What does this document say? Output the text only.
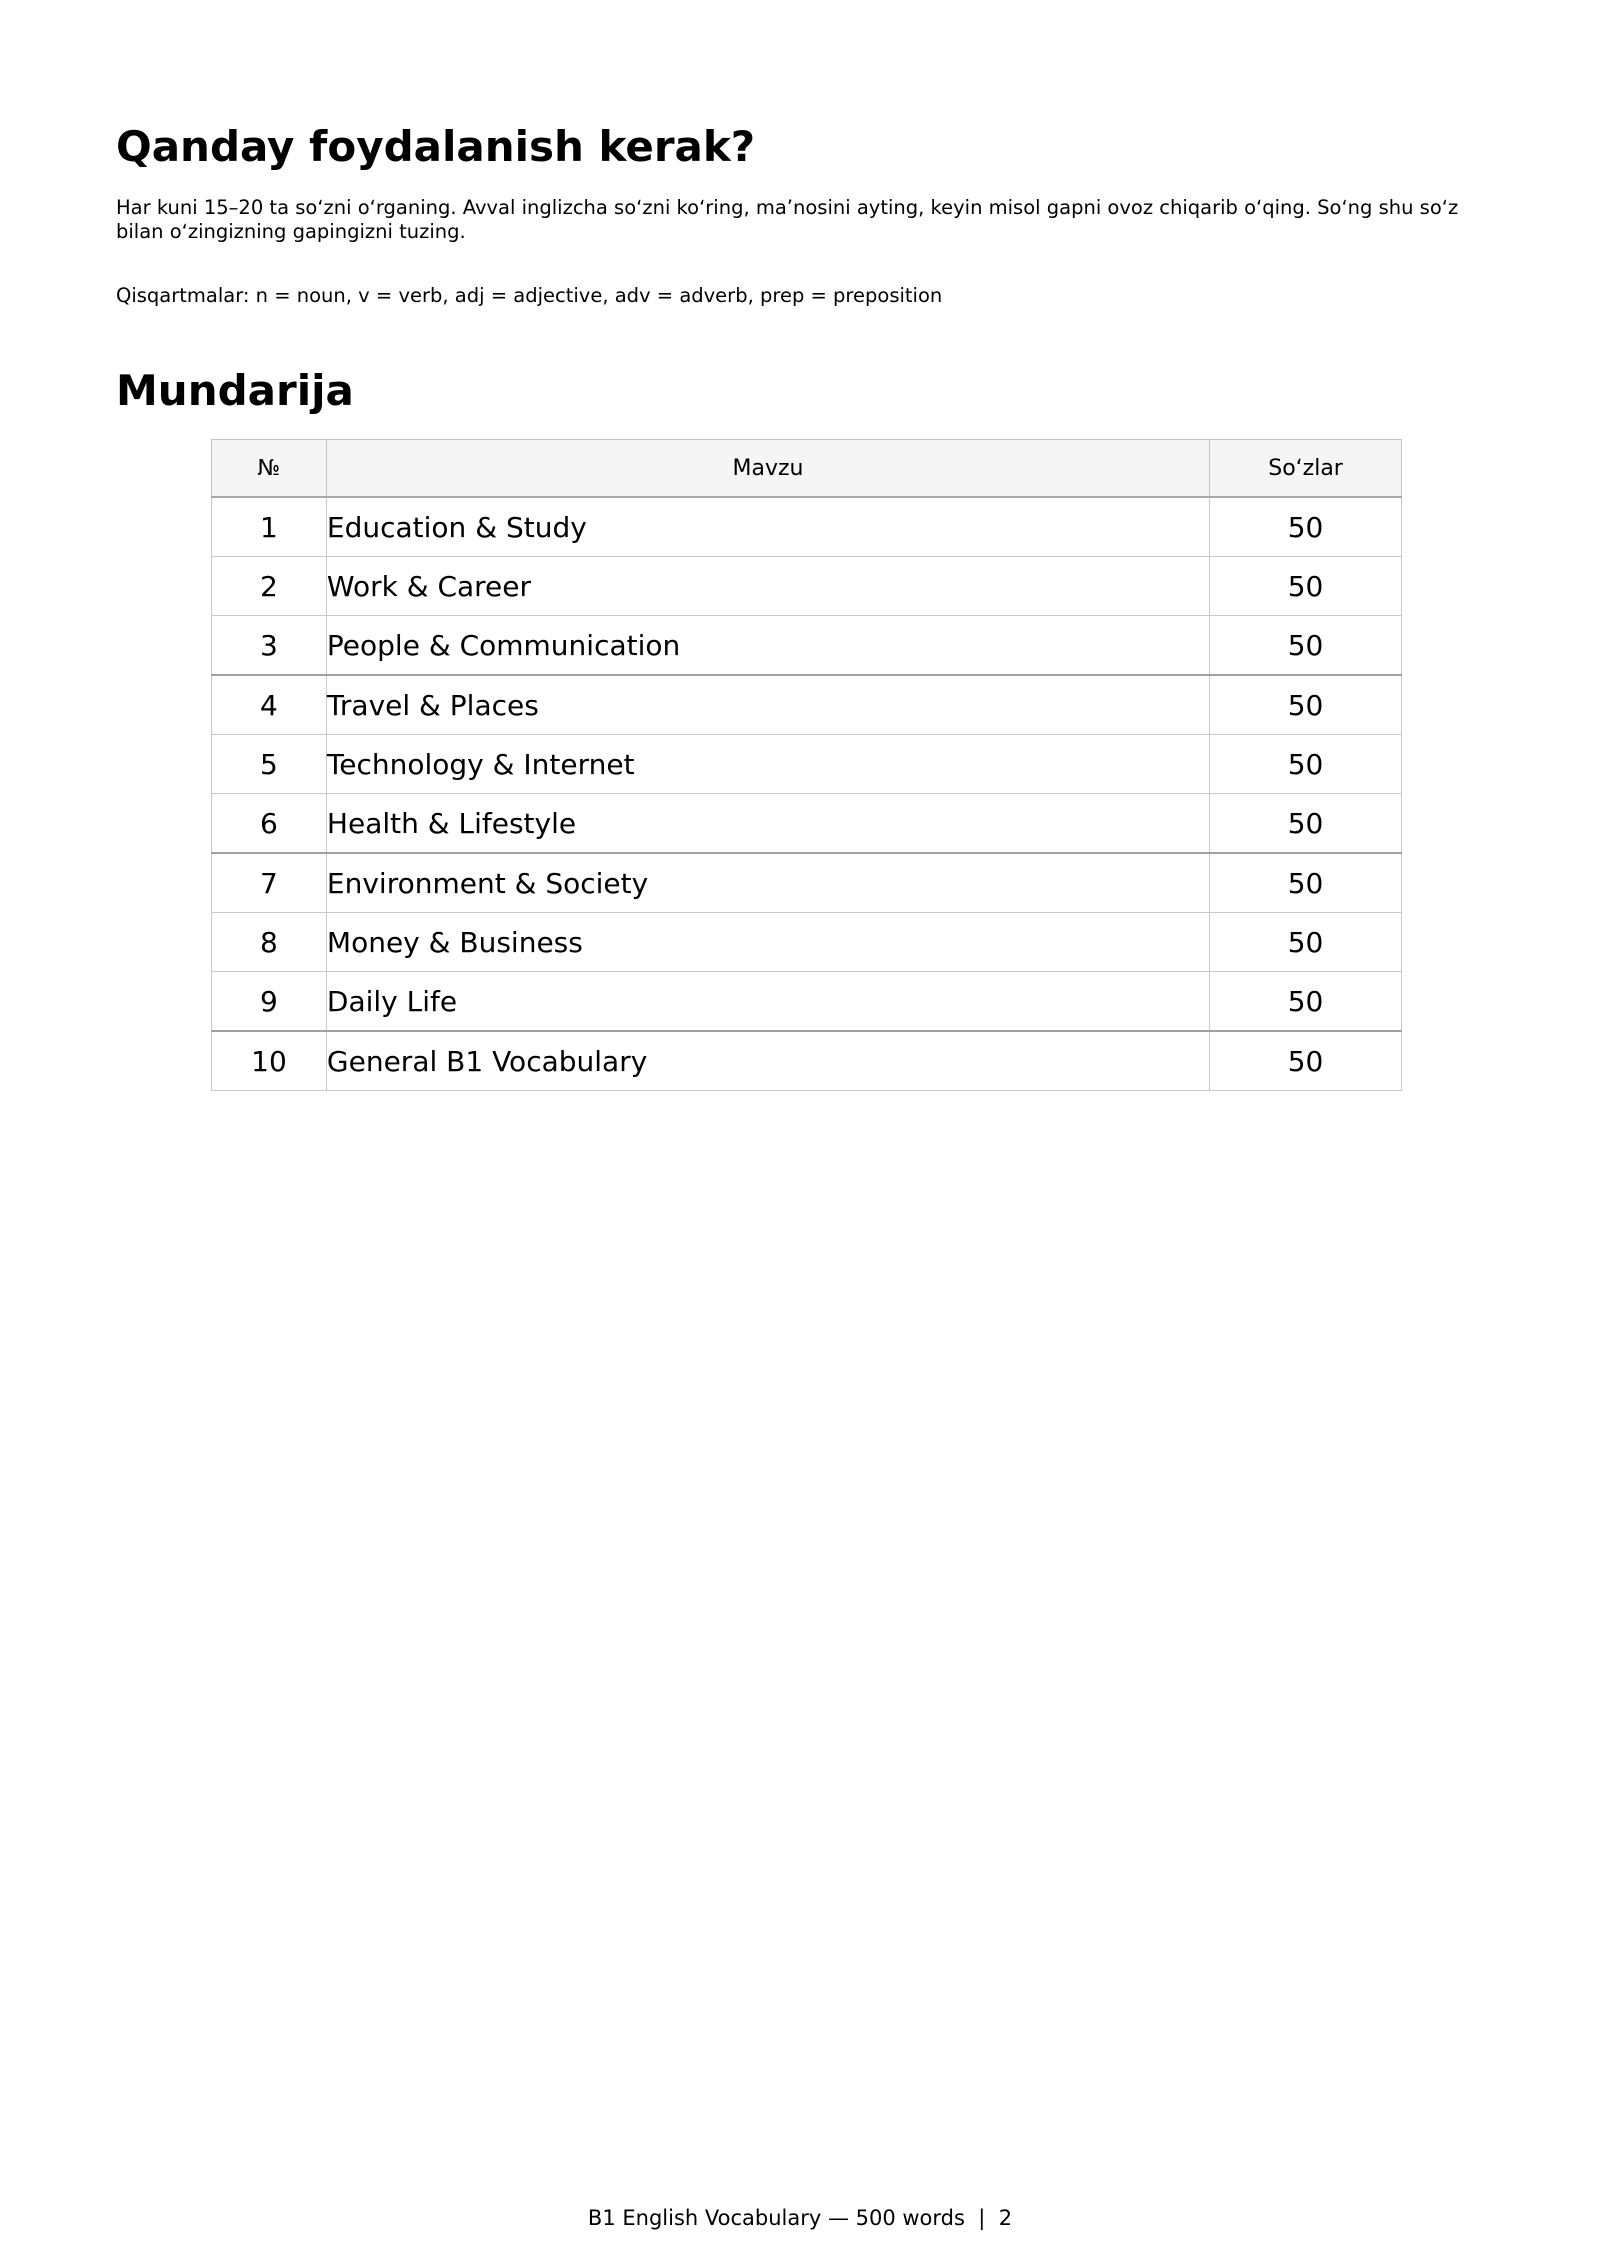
Qanday foydalanish kerak?

Har kuni 15–20 ta soʻzni oʻrganing. Avval inglizcha soʻzni koʻring, maʼnosini ayting, keyin misol gapni ovoz chiqarib oʻqing. Soʻng shu soʻz bilan oʻzingizning gapingizni tuzing.

Qisqartmalar: n = noun, v = verb, adj = adjective, adv = adverb, prep = preposition

Mundarija
№	Mavzu	Soʻzlar
1	Education & Study	50
2	Work & Career	50
3	People & Communication	50
4	Travel & Places	50
5	Technology & Internet	50
6	Health & Lifestyle	50
7	Environment & Society	50
8	Money & Business	50
9	Daily Life	50
10	General B1 Vocabulary	50
B1 English Vocabulary — 500 words  |  2
